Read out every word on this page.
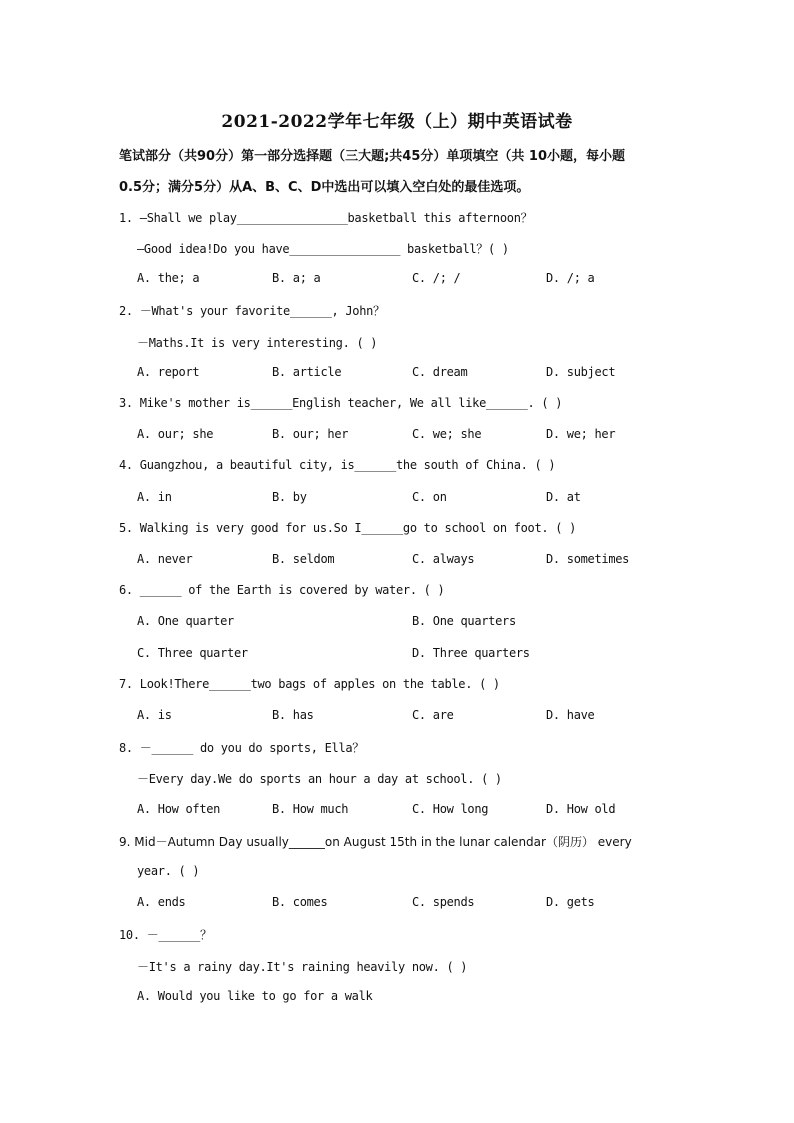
2021-2022学年七年级（上）期中英语试卷
笔试部分（共90分）第一部分选择题（三大题;共45分）单项填空（共 10小题，每小题
0.5分；满分5分）从A、B、C、D中选出可以填入空白处的最佳选项。
1. —Shall we play________________basketball this afternoon？
—Good idea!Do you have________________ basketball？( )
A. the; a	B. a; a	C. /; /	D. /; a
2. －What's your favorite______, John？
－Maths.It is very interesting. ( )
A. report	B. article	C. dream	D. subject
3. Mike's mother is______English teacher, We all like______. ( )
A. our; she	B. our; her	C. we; she	D. we; her
4. Guangzhou, a beautiful city, is______the south of China. ( )
A. in	B. by	C. on	D. at
5. Walking is very good for us.So I______go to school on foot. ( )
A. never	B. seldom	C. always	D. sometimes
6. ______ of the Earth is covered by water. ( )
A. One quarter	B. One quarters
C. Three quarter	D. Three quarters
7. Look!There______two bags of apples on the table. ( )
A. is	B. has	C. are	D. have
8. －______ do you do sports, Ella？
－Every day.We do sports an hour a day at school. ( )
A. How often	B. How much	C. How long	D. How old
9. Mid－Autumn Day usually______on August 15th in the lunar calendar（阴历） every
year. ( )
A. ends	B. comes	C. spends	D. gets
10. －______？
－It's a rainy day.It's raining heavily now. ( )
A. Would you like to go for a walk
